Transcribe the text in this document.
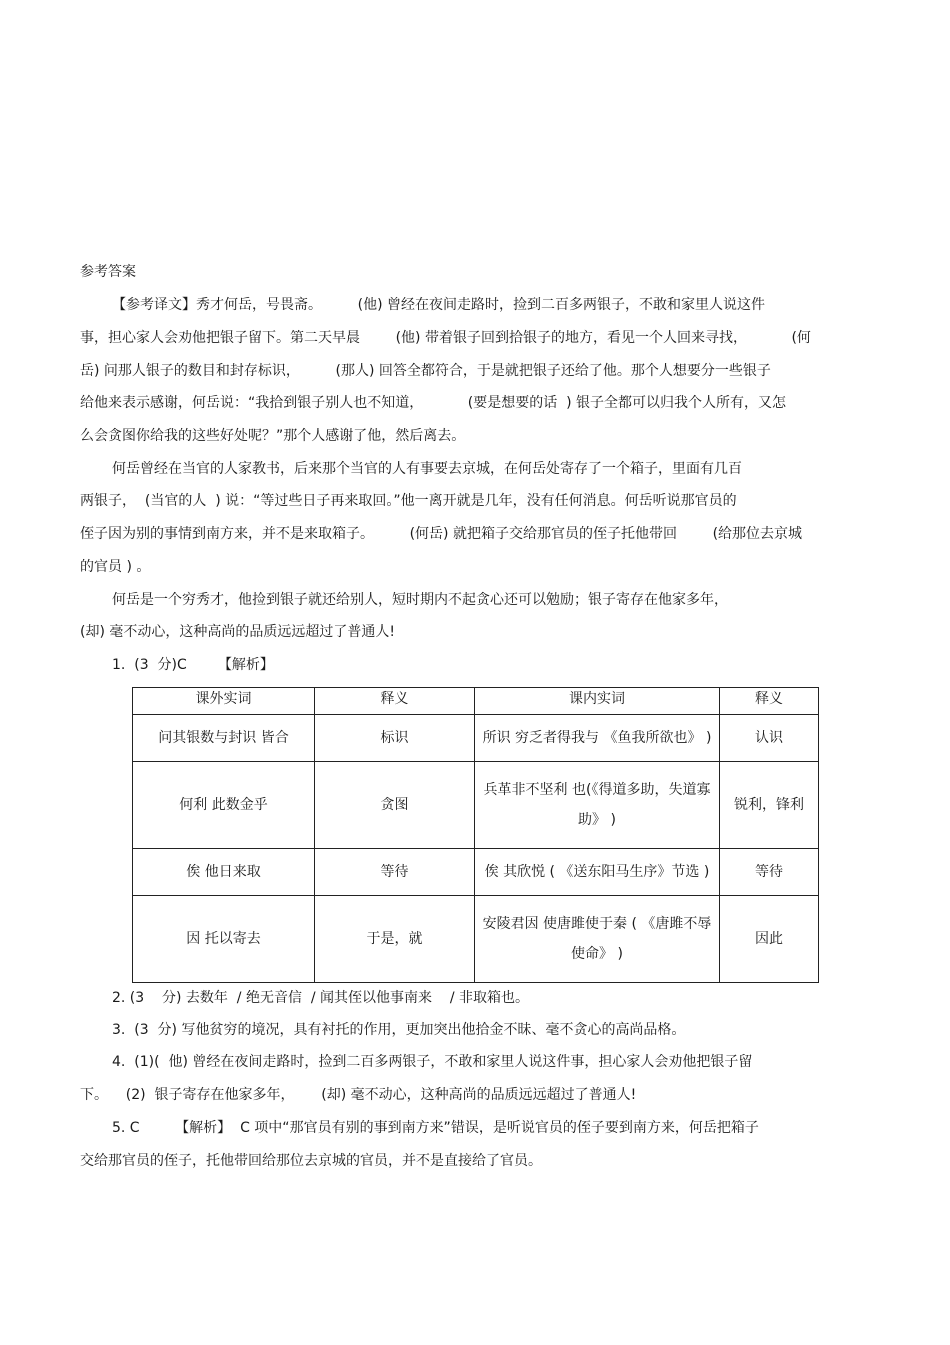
参考答案
【参考译文】秀才何岳，号畏斋。        (他) 曾经在夜间走路时，捡到二百多两银子，不敢和家里人说这件
事，担心家人会劝他把银子留下。第二天早晨        (他) 带着银子回到拾银子的地方，看见一个人回来寻找，          (何
岳) 问那人银子的数目和封存标识，        (那人) 回答全都符合，于是就把银子还给了他。那个人想要分一些银子
给他来表示感谢，何岳说：“我拾到银子别人也不知道，          (要是想要的话  ) 银子全都可以归我个人所有，又怎
么会贪图你给我的这些好处呢？”那个人感谢了他，然后离去。
何岳曾经在当官的人家教书，后来那个当官的人有事要去京城，在何岳处寄存了一个箱子，里面有几百
两银子，  (当官的人  ) 说：“等过些日子再来取回。”他一离开就是几年，没有任何消息。何岳听说那官员的
侄子因为别的事情到南方来，并不是来取箱子。        (何岳) 就把箱子交给那官员的侄子托他带回        (给那位去京城
的官员 ) 。
何岳是一个穷秀才，他捡到银子就还给别人，短时期内不起贪心还可以勉励；银子寄存在他家多年，
(却) 毫不动心，这种高尚的品质远远超过了普通人!
1.  (3  分)C       【解析】
课外实词	释义	课内实词	释义
问其银数与封识 皆合	标识	所识 穷乏者得我与 《鱼我所欲也》 )	认识
何利 此数金乎	贪图	兵革非不坚利 也(《得道多助，失道寡助》 )	锐利，锋利
俟 他日来取	等待	俟 其欣悦 ( 《送东阳马生序》节选 )	等待
因 托以寄去	于是，就	安陵君因 使唐雎使于秦 ( 《唐雎不辱使命》 )	因此
2. (3    分) 去数年  / 绝无音信  / 闻其侄以他事南来    / 非取箱也。
3.  (3  分) 写他贫穷的境况，具有衬托的作用，更加突出他拾金不昧、毫不贪心的高尚品格。
4.  (1)(  他) 曾经在夜间走路时，捡到二百多两银子，不敢和家里人说这件事，担心家人会劝他把银子留
下。    (2)  银子寄存在他家多年，      (却) 毫不动心，这种高尚的品质远远超过了普通人!
5. C        【解析】  C 项中“那官员有别的事到南方来”错误，是听说官员的侄子要到南方来，何岳把箱子
交给那官员的侄子，托他带回给那位去京城的官员，并不是直接给了官员。
